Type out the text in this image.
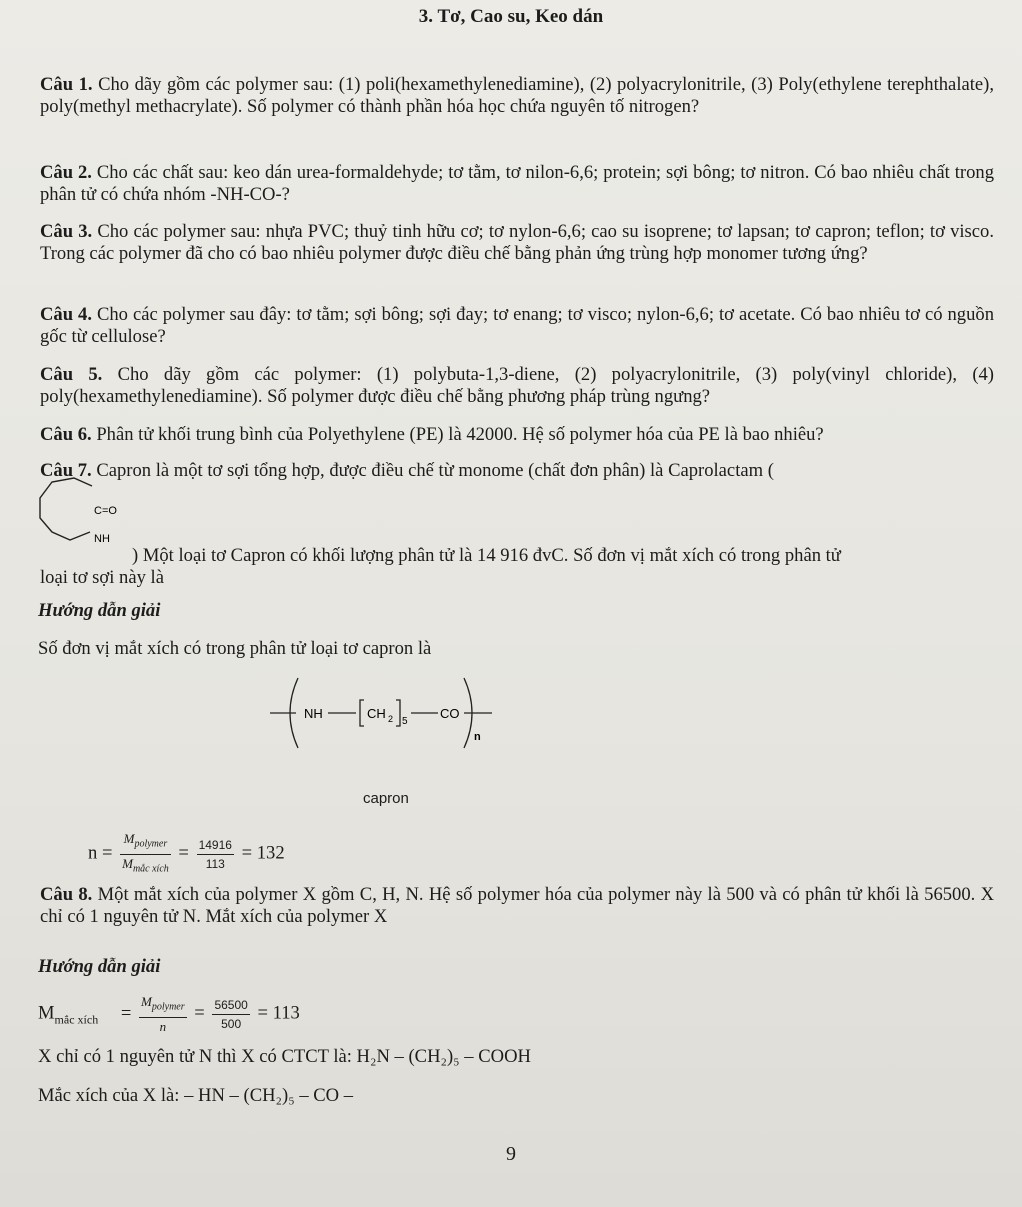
3. Tơ, Cao su, Keo dán
Câu 1. Cho dãy gồm các polymer sau: (1) poli(hexamethylenediamine), (2) polyacrylonitrile, (3) Poly(ethylene terephthalate), poly(methyl methacrylate). Số polymer có thành phần hóa học chứa nguyên tố nitrogen?
Câu 2. Cho các chất sau: keo dán urea-formaldehyde; tơ tằm, tơ nilon-6,6; protein; sợi bông; tơ nitron. Có bao nhiêu chất trong phân tử có chứa nhóm -NH-CO-?
Câu 3. Cho các polymer sau: nhựa PVC; thuỷ tinh hữu cơ; tơ nylon-6,6; cao su isoprene; tơ lapsan; tơ capron; teflon; tơ visco. Trong các polymer đã cho có bao nhiêu polymer được điều chế bằng phản ứng trùng hợp monomer tương ứng?
Câu 4. Cho các polymer sau đây: tơ tằm; sợi bông; sợi đay; tơ enang; tơ visco; nylon-6,6; tơ acetate. Có bao nhiêu tơ có nguồn gốc từ cellulose?
Câu 5. Cho dãy gồm các polymer: (1) polybuta-1,3-diene, (2) polyacrylonitrile, (3) poly(vinyl chloride), (4) poly(hexamethylenediamine). Số polymer được điều chế bằng phương pháp trùng ngưng?
Câu 6. Phân tử khối trung bình của Polyethylene (PE) là 42000. Hệ số polymer hóa của PE là bao nhiêu?
Câu 7. Capron là một tơ sợi tổng hợp, được điều chế từ monome (chất đơn phân) là Caprolactam (
C=O
NH
) Một loại tơ Capron có khối lượng phân tử là 14 916 đvC. Số đơn vị mắt xích có trong phân tử
loại tơ sợi này là
Hướng dẫn giải
Số đơn vị mắt xích có trong phân tử loại tơ capron là
NH	CH 2 5
CO
n
capron
$n = \frac{M_{polymer}}{M_{mắc xích}} = \frac{14916}{113} = 132$
Câu 8. Một mắt xích của polymer X gồm C, H, N. Hệ số polymer hóa của polymer này là 500 và có phân tử khối là 56500. X chỉ có 1 nguyên tử N. Mắt xích của polymer X
Hướng dẫn giải
$M_{mắc xích} = \frac{M_{polymer}}{n} = \frac{56500}{500} = 113$
X chỉ có 1 nguyên tử N thì X có CTCT là: H₂N – (CH₂)₅ – COOH
Mắc xích của X là: – HN – (CH₂)₅ – CO –
9
